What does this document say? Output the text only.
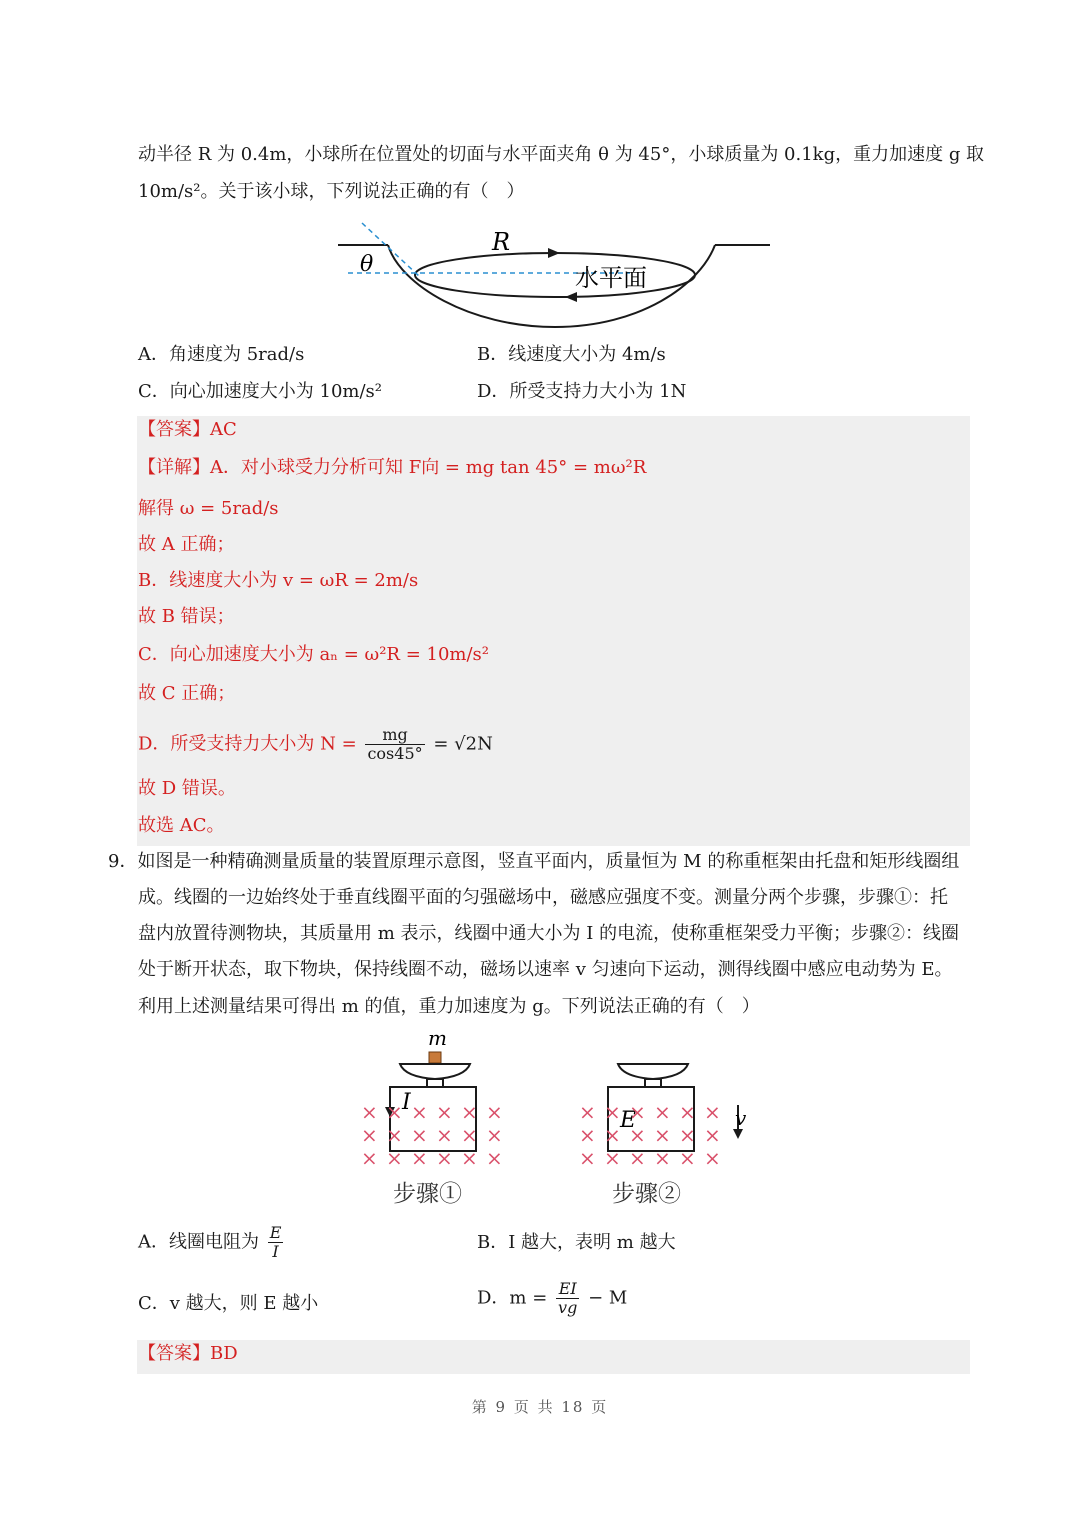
动半径 R 为 0.4m，小球所在位置处的切面与水平面夹角 θ 为 45°，小球质量为 0.1kg，重力加速度 g 取
10m/s²。关于该小球，下列说法正确的有（　）
R
θ	水平面
A．角速度为 5rad/s	B．线速度大小为 4m/s
C．向心加速度大小为 10m/s²	D．所受支持力大小为 1N
【答案】AC
【详解】A．对小球受力分析可知 F向 = mg tan 45° = mω²R
解得 ω = 5rad/s
故 A 正确；
B．线速度大小为 v = ωR = 2m/s
故 B 错误；
C．向心加速度大小为 aₙ = ω²R = 10m/s²
故 C 正确；
D．所受支持力大小为 $N = \frac{mg}{\cos 45^\circ} = √2N$
故 D 错误。
故选 AC。
9．如图是一种精确测量质量的装置原理示意图，竖直平面内，质量恒为 M 的称重框架由托盘和矩形线圈组
成。线圈的一边始终处于垂直线圈平面的匀强磁场中，磁感应强度不变。测量分两个步骤，步骤①：托
盘内放置待测物块，其质量用 m 表示，线圈中通大小为 I 的电流，使称重框架受力平衡；步骤②：线圈
处于断开状态，取下物块，保持线圈不动，磁场以速率 v 匀速向下运动，测得线圈中感应电动势为 E。
利用上述测量结果可得出 m 的值，重力加速度为 g。下列说法正确的有（　）
m
I
E	v
× × × × × ×
× × × × × ×
× × × × × ×
× × × × × ×
× × × × × ×
× × × × × ×
步骤①	步骤②
A．线圈电阻为 $\frac{E}{I}$	B．I 越大，表明 m 越大
C．v 越大，则 E 越小	D．$m = \frac{EI}{vg} - M$
【答案】BD
第 9 页 共 18 页
